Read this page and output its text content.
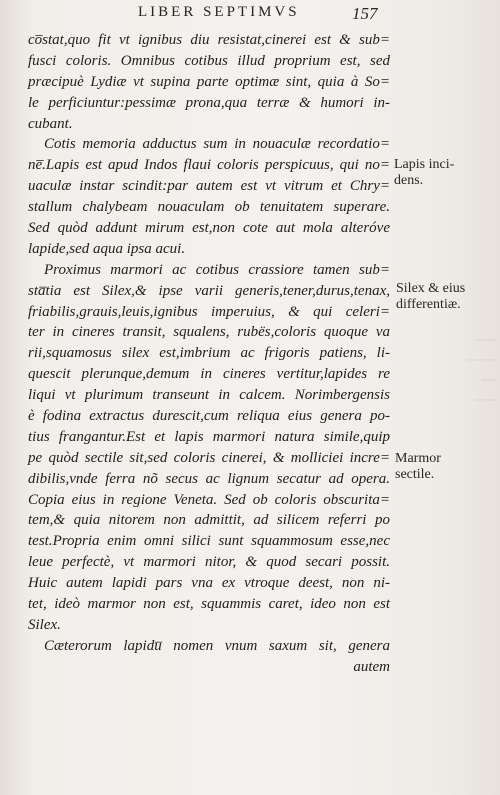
───
────
──
───
LIBER SEPTIMVS	157
co̅stat,quo fit vt ignibus diu resistat,cinerei est & sub=
fusci coloris. Omnibus cotibus illud proprium est, sed
præcipuè Lydiæ vt supina parte optimæ sint, quia à So=
le perficiuntur:pessimæ prona,qua terræ & humori in-
cubant.
Cotis memoria adductus sum in nouaculæ recordatio=
ne̅.Lapis est apud Indos flaui coloris perspicuus, qui no=
uaculæ instar scindit:par autem est vt vitrum et Chry=
stallum chalybeam nouaculam ob tenuitatem superare.
Sed quòd addunt mirum est,non cote aut mola alteróve
lapide,sed aqua ipsa acui.
Proximus marmori ac cotibus crassiore tamen sub=
sta̅tia est Silex,& ipse varii generis,tener,durus,tenax,
friabilis,grauis,leuis,ignibus imperuius, & qui celeri=
ter in cineres transit, squalens, rubës,coloris quoque va
rii,squamosus silex est,imbrium ac frigoris patiens, li-
quescit plerunque,demum in cineres vertitur,lapides re
liqui vt plurimum transeunt in calcem. Norimbergensis
è fodina extractus durescit,cum reliqua eius genera po-
tius frangantur.Est et lapis marmori natura simile,quip
pe quòd sectile sit,sed coloris cinerei, & molliciei incre=
dibilis,vnde ferra nõ secus ac lignum secatur ad opera.
Copia eius in regione Veneta. Sed ob coloris obscurita=
tem,& quia nitorem non admittit, ad silicem referri po
test.Propria enim omni silici sunt squammosum esse,nec
leue perfectè, vt marmori nitor, & quod secari possit.
Huic autem lapidi pars vna ex vtroque deest, non ni-
tet, ideò marmor non est, squammis caret, ideo non est
Silex.
Cæterorum lapidu̅ nomen vnum saxum sit, genera
autem
Lapis inci-
dens.
Silex & eius
differentiæ.
Marmor
sectile.
